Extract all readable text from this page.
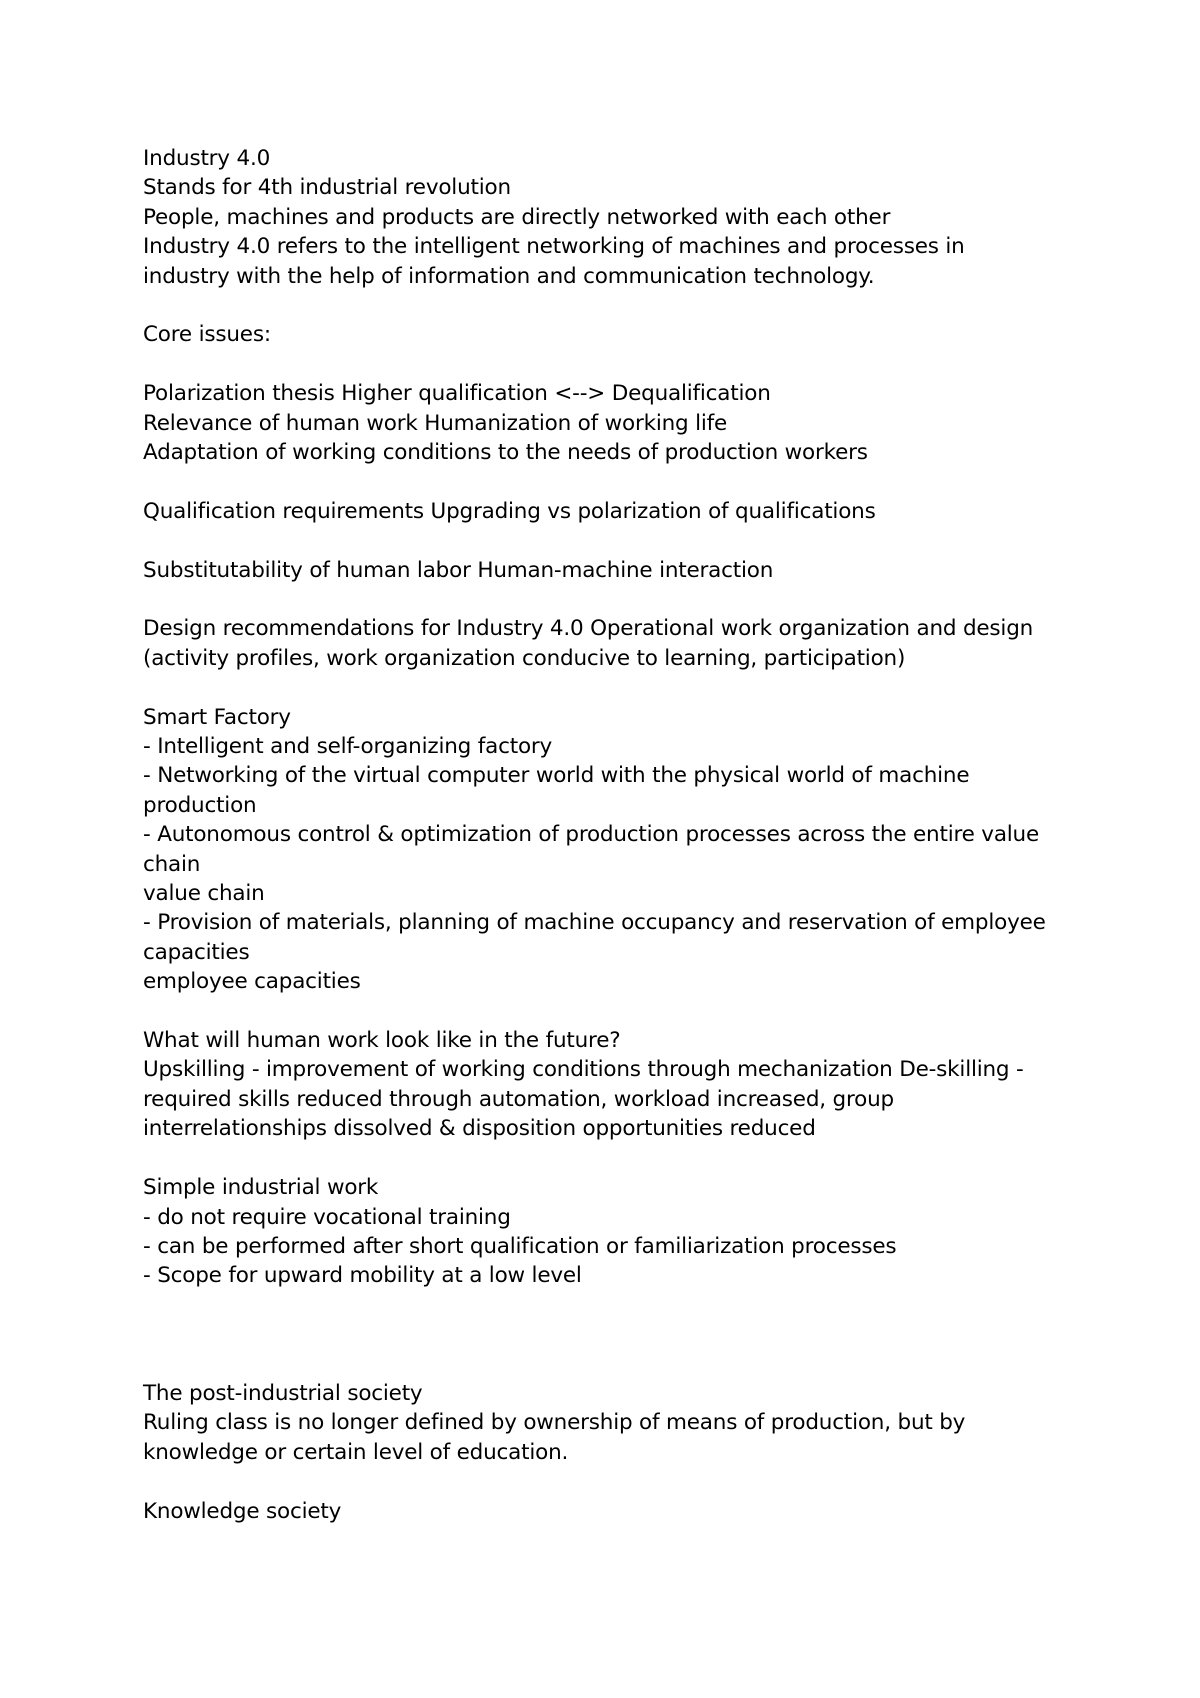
Industry 4.0
Stands for 4th industrial revolution
People, machines and products are directly networked with each other
Industry 4.0 refers to the intelligent networking of machines and processes in
industry with the help of information and communication technology.
Core issues:
Polarization thesis Higher qualification <--> Dequalification
Relevance of human work Humanization of working life
Adaptation of working conditions to the needs of production workers
Qualification requirements Upgrading vs polarization of qualifications
Substitutability of human labor Human-machine interaction
Design recommendations for Industry 4.0 Operational work organization and design
(activity profiles, work organization conducive to learning, participation)
Smart Factory
- Intelligent and self-organizing factory
- Networking of the virtual computer world with the physical world of machine
production
- Autonomous control & optimization of production processes across the entire value
chain
value chain
- Provision of materials, planning of machine occupancy and reservation of employee
capacities
employee capacities
What will human work look like in the future?
Upskilling - improvement of working conditions through mechanization De-skilling -
required skills reduced through automation, workload increased, group
interrelationships dissolved & disposition opportunities reduced
Simple industrial work
- do not require vocational training
- can be performed after short qualification or familiarization processes
- Scope for upward mobility at a low level
The post-industrial society
Ruling class is no longer defined by ownership of means of production, but by
knowledge or certain level of education.
Knowledge society
